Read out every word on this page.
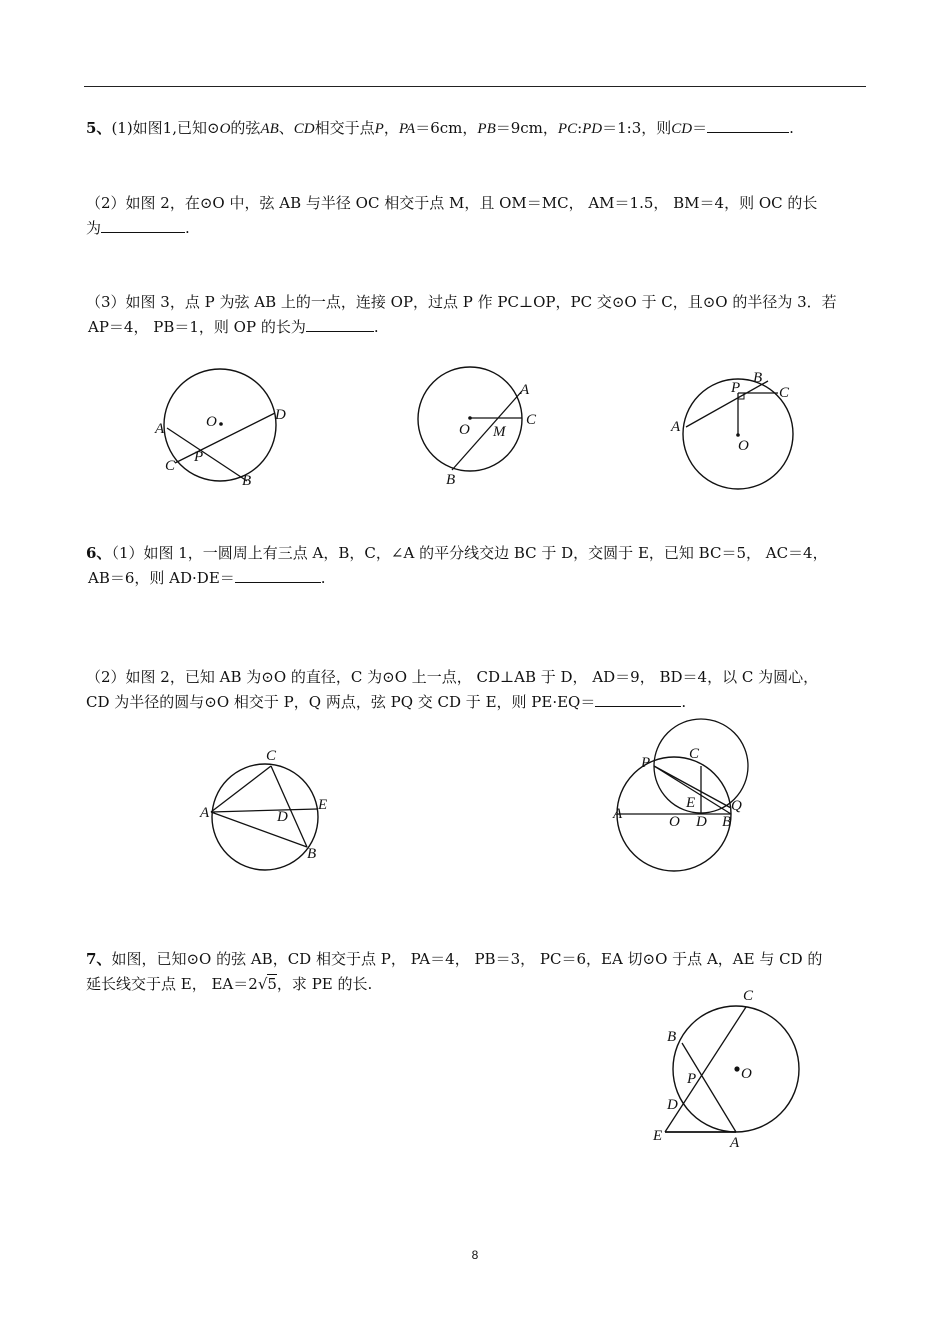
5、(1)如图1,已知⊙O的弦AB、CD相交于点P，PA＝6cm，PB＝9cm，PC:PD＝1:3，则CD＝	.
（2）如图 2，在⊙O 中，弦 AB 与半径 OC 相交于点 M，且 OM＝MC， AM＝1.5， BM＝4，则 OC 的长
为	.
（3）如图 3，点 P 为弦 AB 上的一点，连接 OP，过点 P 作 PC⊥OP，PC 交⊙O 于 C，且⊙O 的半径为 3．若
AP＝4， PB＝1，则 OP 的长为	.
A
B
C
D
O
P
A
B
C
O M	A
B
C
O
P
6、（1）如图 1，一圆周上有三点 A，B，C，∠A 的平分线交边 BC 于 D，交圆于 E，已知 BC＝5， AC＝4，
AB＝6，则 AD·DE＝	.
（2）如图 2，已知 AB 为⊙O 的直径，C 为⊙O 上一点， CD⊥AB 于 D， AD＝9， BD＝4，以 C 为圆心，
CD 为半径的圆与⊙O 相交于 P，Q 两点，弦 PQ 交 CD 于 E，则 PE·EQ＝	.
A
B
C
D
E
A	B
C
D
E
O
P
Q
7、如图，已知⊙O 的弦 AB，CD 相交于点 P， PA＝4， PB＝3， PC＝6，EA 切⊙O 于点 A，AE 与 CD 的
延长线交于点 E， EA＝2√5，求 PE 的长.
A
B
C
D
E
O
P
8
